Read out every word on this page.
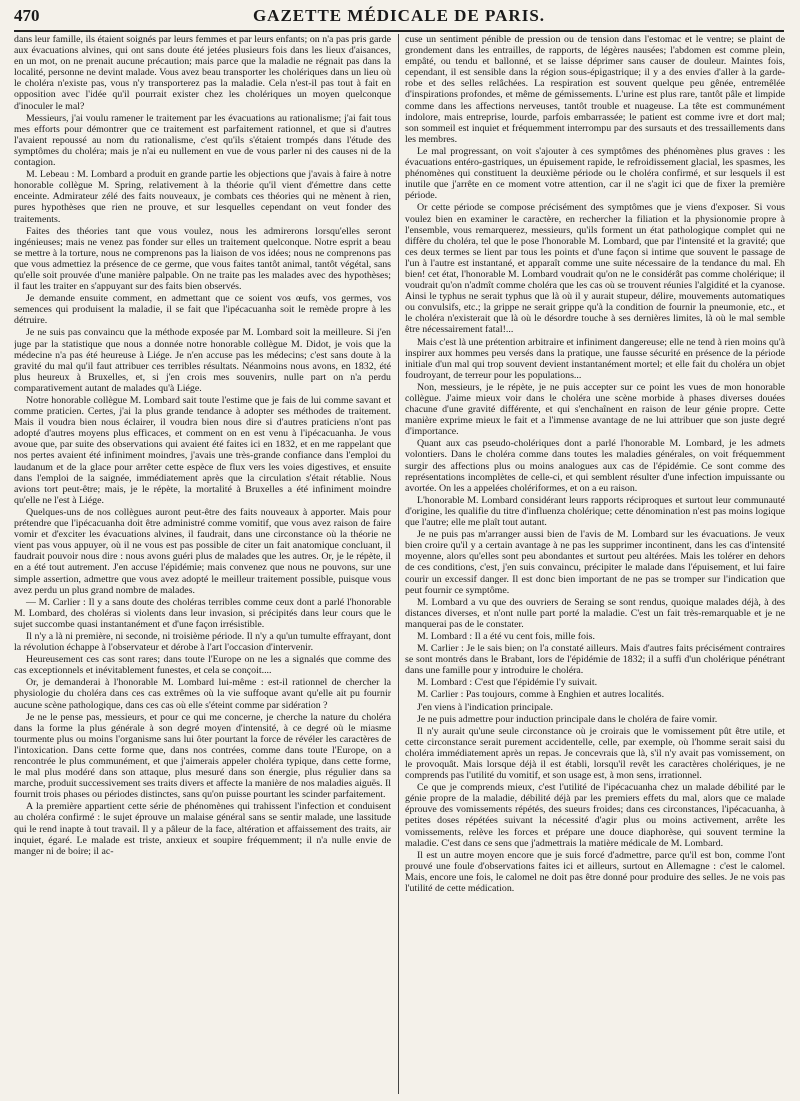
470	GAZETTE MÉDICALE DE PARIS.

dans leur famille, ils étaient soignés par leurs femmes et par leurs enfants; on n'a pas pris garde aux évacuations alvines, qui ont sans doute été jetées plusieurs fois dans les lieux d'aisances, en un mot, on ne prenait aucune précaution; mais parce que la maladie ne régnait pas dans la localité, personne ne devint malade. Vous avez beau transporter les cholériques dans un lieu où le choléra n'existe pas, vous n'y transporterez pas la maladie. Cela n'est-il pas tout à fait en opposition avec l'idée qu'il pourrait exister chez les cholériques un moyen quelconque d'inoculer le mal?

Messieurs, j'ai voulu ramener le traitement par les évacuations au rationalisme; j'ai fait tous mes efforts pour démontrer que ce traitement est parfaitement rationnel, et que si d'autres l'avaient repoussé au nom du rationalisme, c'est qu'ils s'étaient trompés dans l'étude des symptômes du choléra; mais je n'ai eu nullement en vue de vous parler ni des causes ni de la contagion.

M. Lebeau : M. Lombard a produit en grande partie les objections que j'avais à faire à notre honorable collègue M. Spring, relativement à la théorie qu'il vient d'émettre dans cette enceinte. Admirateur zélé des faits nouveaux, je combats ces théories qui ne mènent à rien, pures hypothèses que rien ne prouve, et sur lesquelles cependant on veut fonder des traitements.

Faites des théories tant que vous voulez, nous les admirerons lorsqu'elles seront ingénieuses; mais ne venez pas fonder sur elles un traitement quelconque. Notre esprit a beau se mettre à la torture, nous ne comprenons pas la liaison de vos idées; nous ne comprenons pas que vous admettiez la présence de ce germe, que vous faites tantôt animal, tantôt végétal, sans qu'elle soit prouvée d'une manière palpable. On ne traite pas les malades avec des hypothèses; il faut les traiter en s'appuyant sur des faits bien observés.

Je demande ensuite comment, en admettant que ce soient vos œufs, vos germes, vos semences qui produisent la maladie, il se fait que l'ipécacuanha soit le remède propre à les détruire.

Je ne suis pas convaincu que la méthode exposée par M. Lombard soit la meilleure. Si j'en juge par la statistique que nous a donnée notre honorable collègue M. Didot, je vois que la médecine n'a pas été heureuse à Liége. Je n'en accuse pas les médecins; c'est sans doute à la gravité du mal qu'il faut attribuer ces terribles résultats. Néanmoins nous avons, en 1832, été plus heureux à Bruxelles, et, si j'en crois mes souvenirs, nulle part on n'a perdu comparativement autant de malades qu'à Liége.

Notre honorable collègue M. Lombard sait toute l'estime que je fais de lui comme savant et comme praticien. Certes, j'ai la plus grande tendance à adopter ses méthodes de traitement. Mais il voudra bien nous éclairer, il voudra bien nous dire si d'autres praticiens n'ont pas adopté d'autres moyens plus efficaces, et comment on en est venu à l'ipécacuanha. Je vous avoue que, par suite des observations qui avaient été faites ici en 1832, et en me rappelant que nos pertes avaient été infiniment moindres, j'avais une très-grande confiance dans l'emploi du laudanum et de la glace pour arrêter cette espèce de flux vers les voies digestives, et ensuite dans l'emploi de la saignée, immédiatement après que la circulation s'était rétablie. Nous avions tort peut-être; mais, je le répète, la mortalité à Bruxelles a été infiniment moindre qu'elle ne l'est à Liége.

Quelques-uns de nos collègues auront peut-être des faits nouveaux à apporter. Mais pour prétendre que l'ipécacuanha doit être administré comme vomitif, que vous avez raison de faire vomir et d'exciter les évacuations alvines, il faudrait, dans une circonstance où la théorie ne vient pas vous appuyer, où il ne vous est pas possible de citer un fait anatomique concluant, il faudrait pouvoir nous dire : nous avons guéri plus de malades que les autres. Or, je le répète, il en a été tout autrement. J'en accuse l'épidémie; mais convenez que nous ne pouvons, sur une simple assertion, admettre que vous avez adopté le meilleur traitement possible, puisque vous avez perdu un plus grand nombre de malades.

— M. Carlier : Il y a sans doute des choléras terribles comme ceux dont a parlé l'honorable M. Lombard, des choléras si violents dans leur invasion, si précipités dans leur cours que le sujet succombe quasi instantanément et d'une façon irrésistible.

Il n'y a là ni première, ni seconde, ni troisième période. Il n'y a qu'un tumulte effrayant, dont la révolution échappe à l'observateur et dérobe à l'art l'occasion d'intervenir.

Heureusement ces cas sont rares; dans toute l'Europe on ne les a signalés que comme des cas exceptionnels et inévitablement funestes, et cela se conçoit....

Or, je demanderai à l'honorable M. Lombard lui-même : est-il rationnel de chercher la physiologie du choléra dans ces cas extrêmes où la vie suffoque avant qu'elle ait pu fournir aucune scène pathologique, dans ces cas où elle s'éteint comme par sidération ?

Je ne le pense pas, messieurs, et pour ce qui me concerne, je cherche la nature du choléra dans la forme la plus générale à son degré moyen d'intensité, à ce degré où le miasme tourmente plus ou moins l'organisme sans lui ôter pourtant la force de révéler les caractères de l'intoxication. Dans cette forme que, dans nos contrées, comme dans toute l'Europe, on a rencontrée le plus communément, et que j'aimerais appeler choléra typique, dans cette forme, le mal plus modéré dans son attaque, plus mesuré dans son énergie, plus régulier dans sa marche, produit successivement ses traits divers et affecte la manière de nos maladies aiguës. Il fournit trois phases ou périodes distinctes, sans qu'on puisse pourtant les scinder parfaitement.

A la première appartient cette série de phénomènes qui trahissent l'infection et conduisent au choléra confirmé : le sujet éprouve un malaise général sans se sentir malade, une lassitude qui le rend inapte à tout travail. Il y a pâleur de la face, altération et affaissement des traits, air inquiet, égaré. Le malade est triste, anxieux et soupire fréquemment; il n'a nulle envie de manger ni de boire; il ac-

cuse un sentiment pénible de pression ou de tension dans l'estomac et le ventre; se plaint de grondement dans les entrailles, de rapports, de légères nausées; l'abdomen est comme plein, empâté, ou tendu et ballonné, et se laisse déprimer sans causer de douleur. Maintes fois, cependant, il est sensible dans la région sous-épigastrique; il y a des envies d'aller à la garde-robe et des selles relâchées. La respiration est souvent quelque peu gênée, entremêlée d'inspirations profondes, et même de gémissements. L'urine est plus rare, tantôt pâle et limpide comme dans les affections nerveuses, tantôt trouble et nuageuse. La tête est communément indolore, mais entreprise, lourde, parfois embarrassée; le patient est comme ivre et dort mal; son sommeil est inquiet et fréquemment interrompu par des sursauts et des tressaillements dans les membres.

Le mal progressant, on voit s'ajouter à ces symptômes des phénomènes plus graves : les évacuations entéro-gastriques, un épuisement rapide, le refroidissement glacial, les spasmes, les phénomènes qui constituent la deuxième période ou le choléra confirmé, et sur lesquels il est inutile que j'arrête en ce moment votre attention, car il ne s'agit ici que de fixer la première période.

Or cette période se compose précisément des symptômes que je viens d'exposer. Si vous voulez bien en examiner le caractère, en rechercher la filiation et la physionomie propre à l'ensemble, vous remarquerez, messieurs, qu'ils forment un état pathologique complet qui ne diffère du choléra, tel que le pose l'honorable M. Lombard, que par l'intensité et la gravité; que ces deux termes se lient par tous les points et d'une façon si intime que souvent le passage de l'un à l'autre est instantané, et apparaît comme une suite nécessaire de la tendance du mal. Eh bien! cet état, l'honorable M. Lombard voudrait qu'on ne le considérât pas comme cholérique; il voudrait qu'on n'admît comme choléra que les cas où se trouvent réunies l'algidité et la cyanose. Ainsi le typhus ne serait typhus que là où il y aurait stupeur, délire, mouvements automatiques ou convulsifs, etc.; la grippe ne serait grippe qu'à la condition de fournir la pneumonie, etc., et le choléra n'existerait que là où le désordre touche à ses dernières limites, là où le mal semble être nécessairement fatal!...

Mais c'est là une prétention arbitraire et infiniment dangereuse; elle ne tend à rien moins qu'à inspirer aux hommes peu versés dans la pratique, une fausse sécurité en présence de la période initiale d'un mal qui trop souvent devient instantanément mortel; et elle fait du choléra un objet foudroyant, de terreur pour les populations...

Non, messieurs, je le répète, je ne puis accepter sur ce point les vues de mon honorable collègue. J'aime mieux voir dans le choléra une scène morbide à phases diverses douées chacune d'une gravité différente, et qui s'enchaînent en raison de leur génie propre. Cette manière exprime mieux le fait et a l'immense avantage de ne lui attribuer que son juste degré d'importance.

Quant aux cas pseudo-cholériques dont a parlé l'honorable M. Lombard, je les admets volontiers. Dans le choléra comme dans toutes les maladies générales, on voit fréquemment surgir des affections plus ou moins analogues aux cas de l'épidémie. Ce sont comme des représentations incomplètes de celle-ci, et qui semblent résulter d'une infection impuissante ou avortée. On les a appelées cholériformes, et on a eu raison.

L'honorable M. Lombard considérant leurs rapports réciproques et surtout leur communauté d'origine, les qualifie du titre d'influenza cholérique; cette dénomination n'est pas moins logique que l'autre; elle me plaît tout autant.

Je ne puis pas m'arranger aussi bien de l'avis de M. Lombard sur les évacuations. Je veux bien croire qu'il y a certain avantage à ne pas les supprimer incontinent, dans les cas d'intensité moyenne, alors qu'elles sont peu abondantes et surtout peu altérées. Mais les tolérer en dehors de ces conditions, c'est, j'en suis convaincu, précipiter le malade dans l'épuisement, et lui faire courir un excessif danger. Il est donc bien important de ne pas se tromper sur l'indication que peut fournir ce symptôme.

M. Lombard a vu que des ouvriers de Seraing se sont rendus, quoique malades déjà, à des distances diverses, et n'ont nulle part porté la maladie. C'est un fait très-remarquable et je ne manquerai pas de le constater.

M. Lombard : Il a été vu cent fois, mille fois.

M. Carlier : Je le sais bien; on l'a constaté ailleurs. Mais d'autres faits précisément contraires se sont montrés dans le Brabant, lors de l'épidémie de 1832; il a suffi d'un cholérique pénétrant dans une famille pour y introduire le choléra.

M. Lombard : C'est que l'épidémie l'y suivait.

M. Carlier : Pas toujours, comme à Enghien et autres localités.

J'en viens à l'indication principale.

Je ne puis admettre pour induction principale dans le choléra de faire vomir.

Il n'y aurait qu'une seule circonstance où je croirais que le vomissement pût être utile, et cette circonstance serait purement accidentelle, celle, par exemple, où l'homme serait saisi du choléra immédiatement après un repas. Je concevrais que là, s'il n'y avait pas vomissement, on le provoquât. Mais lorsque déjà il est établi, lorsqu'il revêt les caractères cholériques, je ne comprends pas l'utilité du vomitif, et son usage est, à mon sens, irrationnel.

Ce que je comprends mieux, c'est l'utilité de l'ipécacuanha chez un malade débilité par le génie propre de la maladie, débilité déjà par les premiers effets du mal, alors que ce malade éprouve des vomissements répétés, des sueurs froides; dans ces circonstances, l'ipécacuanha, à petites doses répétées suivant la nécessité d'agir plus ou moins activement, arrête les vomissements, relève les forces et prépare une douce diaphorèse, qui souvent termine la maladie. C'est dans ce sens que j'admettrais la matière médicale de M. Lombard.

Il est un autre moyen encore que je suis forcé d'admettre, parce qu'il est bon, comme l'ont prouvé une foule d'observations faites ici et ailleurs, surtout en Allemagne : c'est le calomel. Mais, encore une fois, le calomel ne doit pas être donné pour produire des selles. Je ne vois pas l'utilité de cette médication.
